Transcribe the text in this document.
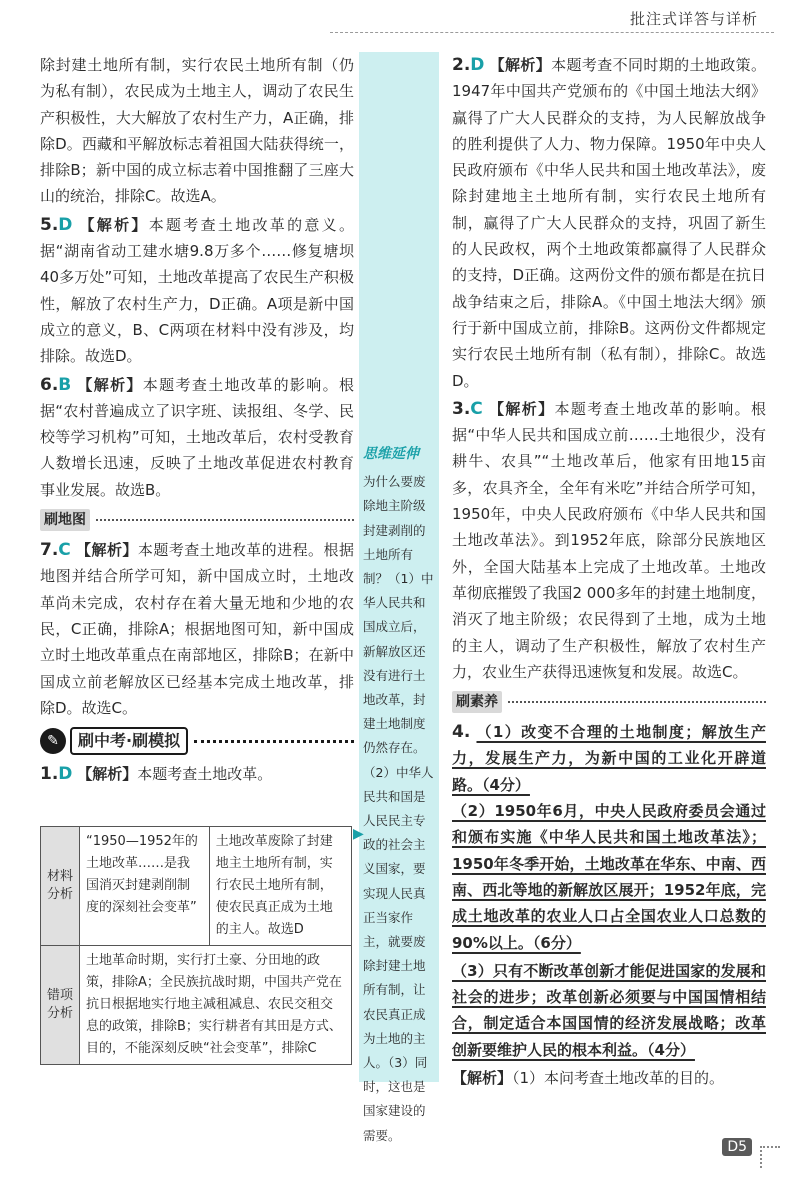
批注式详答与详析

除封建土地所有制，实行农民土地所有制（仍为私有制），农民成为土地主人，调动了农民生产积极性，大大解放了农村生产力，A正确，排除D。西藏和平解放标志着祖国大陆获得统一，排除B；新中国的成立标志着中国推翻了三座大山的统治，排除C。故选A。

5.D 【解析】本题考查土地改革的意义。据“湖南省动工建水塘9.8万多个……修复塘坝40多万处”可知，土地改革提高了农民生产积极性，解放了农村生产力，D正确。A项是新中国成立的意义，B、C两项在材料中没有涉及，均排除。故选D。

6.B 【解析】本题考查土地改革的影响。根据“农村普遍成立了识字班、读报组、冬学、民校等学习机构”可知，土地改革后，农村受教育人数增长迅速，反映了土地改革促进农村教育事业发展。故选B。

刷地图

7.C 【解析】本题考查土地改革的进程。根据地图并结合所学可知，新中国成立时，土地改革尚未完成，农村存在着大量无地和少地的农民，C正确，排除A；根据地图可知，新中国成立时土地改革重点在南部地区，排除B；在新中国成立前老解放区已经基本完成土地改革，排除D。故选C。

✎	刷中考·刷模拟

1.D 【解析】本题考查土地改革。

材料分析	“1950—1952年的土地改革……是我国消灭封建剥削制度的深刻社会变革”	土地改革废除了封建地主土地所有制，实行农民土地所有制，使农民真正成为土地的主人。故选D
错项分析	土地革命时期，实行打土豪、分田地的政策，排除A；全民族抗战时期，中国共产党在抗日根据地实行地主减租减息、农民交租交息的政策，排除B；实行耕者有其田是方式、目的，不能深刻反映“社会变革”，排除C	
思维延伸
为什么要废除地主阶级封建剥削的土地所有制？（1）中华人民共和国成立后，新解放区还没有进行土地改革，封建土地制度仍然存在。（2）中华人民共和国是人民民主专政的社会主义国家，要实现人民真正当家作主，就要废除封建土地所有制，让农民真正成为土地的主人。（3）同时，这也是国家建设的需要。
▶

2.D 【解析】本题考查不同时期的土地政策。1947年中国共产党颁布的《中国土地法大纲》赢得了广大人民群众的支持，为人民解放战争的胜利提供了人力、物力保障。1950年中央人民政府颁布《中华人民共和国土地改革法》，废除封建地主土地所有制，实行农民土地所有制，赢得了广大人民群众的支持，巩固了新生的人民政权，两个土地政策都赢得了人民群众的支持，D正确。这两份文件的颁布都是在抗日战争结束之后，排除A。《中国土地法大纲》颁行于新中国成立前，排除B。这两份文件都规定实行农民土地所有制（私有制），排除C。故选D。

3.C 【解析】本题考查土地改革的影响。根据“中华人民共和国成立前……土地很少，没有耕牛、农具”“土地改革后，他家有田地15亩多，农具齐全，全年有米吃”并结合所学可知，1950年，中央人民政府颁布《中华人民共和国土地改革法》。到1952年底，除部分民族地区外，全国大陆基本上完成了土地改革。土地改革彻底摧毁了我国2 000多年的封建土地制度，消灭了地主阶级；农民得到了土地，成为土地的主人，调动了生产积极性，解放了农村生产力，农业生产获得迅速恢复和发展。故选C。

刷素养
4. （1）改变不合理的土地制度；解放生产力，发展生产力，为新中国的工业化开辟道路。（4分）

（2）1950年6月，中央人民政府委员会通过和颁布实施《中华人民共和国土地改革法》；1950年冬季开始，土地改革在华东、中南、西南、西北等地的新解放区展开；1952年底，完成土地改革的农业人口占全国农业人口总数的90%以上。（6分）

（3）只有不断改革创新才能促进国家的发展和社会的进步；改革创新必须要与中国国情相结合，制定适合本国国情的经济发展战略；改革创新要维护人民的根本利益。（4分）

【解析】（1）本问考查土地改革的目的。

D5
